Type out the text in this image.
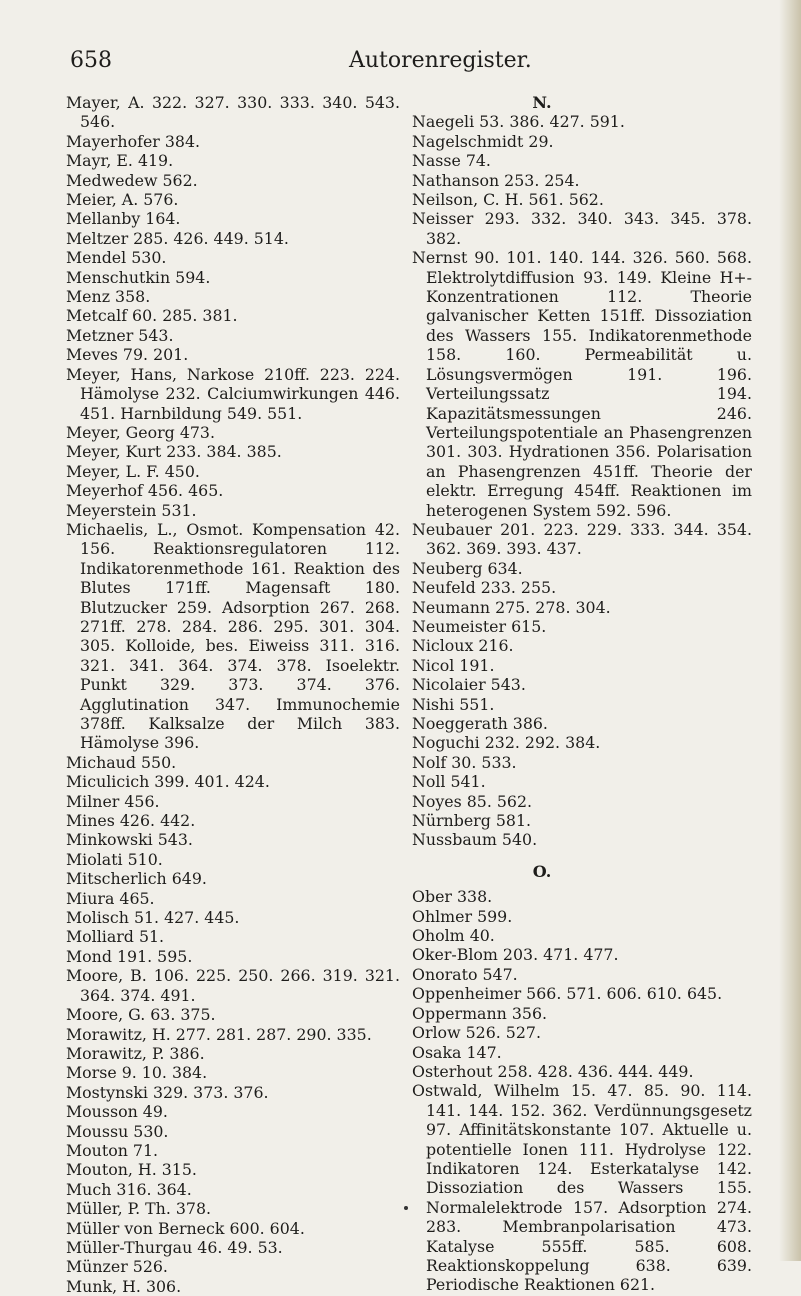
658	Autorenregister.

Mayer, A. 322. 327. 330. 333. 340. 543. 546.

Mayerhofer 384.

Mayr, E. 419.

Medwedew 562.

Meier, A. 576.

Mellanby 164.

Meltzer 285. 426. 449. 514.

Mendel 530.

Menschutkin 594.

Menz 358.

Metcalf 60. 285. 381.

Metzner 543.

Meves 79. 201.

Meyer, Hans, Narkose 210ff. 223. 224. Hämolyse 232. Calciumwirkungen 446. 451. Harnbildung 549. 551.

Meyer, Georg 473.

Meyer, Kurt 233. 384. 385.

Meyer, L. F. 450.

Meyerhof 456. 465.

Meyerstein 531.

Michaelis, L., Osmot. Kompensation 42. 156. Reaktionsregulatoren 112. Indikatorenmethode 161. Reaktion des Blutes 171ff. Magensaft 180. Blutzucker 259. Adsorption 267. 268. 271ff. 278. 284. 286. 295. 301. 304. 305. Kolloide, bes. Eiweiss 311. 316. 321. 341. 364. 374. 378. Isoelektr. Punkt 329. 373. 374. 376. Agglutination 347. Immunochemie 378ff. Kalksalze der Milch 383. Hämolyse 396.

Michaud 550.

Miculicich 399. 401. 424.

Milner 456.

Mines 426. 442.

Minkowski 543.

Miolati 510.

Mitscherlich 649.

Miura 465.

Molisch 51. 427. 445.

Molliard 51.

Mond 191. 595.

Moore, B. 106. 225. 250. 266. 319. 321. 364. 374. 491.

Moore, G. 63. 375.

Morawitz, H. 277. 281. 287. 290. 335.

Morawitz, P. 386.

Morse 9. 10. 384.

Mostynski 329. 373. 376.

Mousson 49.

Moussu 530.

Mouton 71.

Mouton, H. 315.

Much 316. 364.

Müller, P. Th. 378.

Müller von Berneck 600. 604.

Müller-Thurgau 46. 49. 53.

Münzer 526.

Munk, H. 306.

N.

Naegeli 53. 386. 427. 591.

Nagelschmidt 29.

Nasse 74.

Nathanson 253. 254.

Neilson, C. H. 561. 562.

Neisser 293. 332. 340. 343. 345. 378. 382.

Nernst 90. 101. 140. 144. 326. 560. 568. Elektrolytdiffusion 93. 149. Kleine H+-Konzentrationen 112. Theorie galvanischer Ketten 151ff. Dissoziation des Wassers 155. Indikatorenmethode 158. 160. Permeabilität u. Lösungsvermögen 191. 196. Verteilungssatz 194. Kapazitätsmessungen 246. Verteilungspotentiale an Phasengrenzen 301. 303. Hydrationen 356. Polarisation an Phasengrenzen 451ff. Theorie der elektr. Erregung 454ff. Reaktionen im heterogenen System 592. 596.

Neubauer 201. 223. 229. 333. 344. 354. 362. 369. 393. 437.

Neuberg 634.

Neufeld 233. 255.

Neumann 275. 278. 304.

Neumeister 615.

Nicloux 216.

Nicol 191.

Nicolaier 543.

Nishi 551.

Noeggerath 386.

Noguchi 232. 292. 384.

Nolf 30. 533.

Noll 541.

Noyes 85. 562.

Nürnberg 581.

Nussbaum 540.

O.

Ober 338.

Ohlmer 599.

Oholm 40.

Oker-Blom 203. 471. 477.

Onorato 547.

Oppenheimer 566. 571. 606. 610. 645.

Oppermann 356.

Orlow 526. 527.

Osaka 147.

Osterhout 258. 428. 436. 444. 449.

Ostwald, Wilhelm 15. 47. 85. 90. 114. 141. 144. 152. 362. Verdünnungsgesetz 97. Affinitätskonstante 107. Aktuelle u. potentielle Ionen 111. Hydrolyse 122. Indikatoren 124. Esterkatalyse 142. Dissoziation des Wassers 155. Normalelektrode 157. Adsorption 274. 283. Membranpolarisation 473. Katalyse 555ff. 585. 608. Reaktionskoppelung 638. 639. Periodische Reaktionen 621.
